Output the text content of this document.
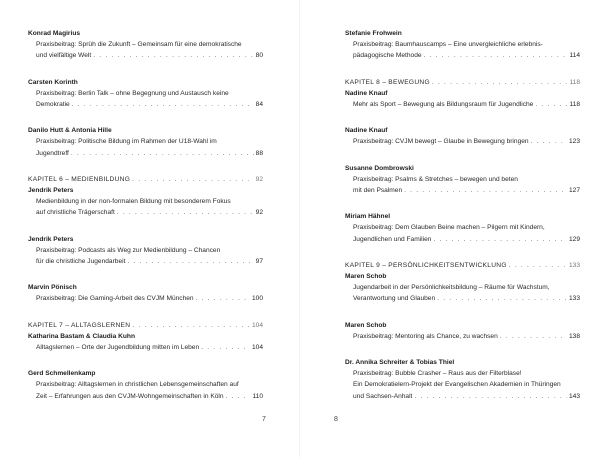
Konrad Magirius
Praxisbeitrag: Sprüh die Zukunft – Gemeinsam für eine demokratische
und vielfältige Welt . . .	80
Carsten Korinth
Praxisbeitrag: Berlin Talk – ohne Begegnung und Austausch keine
Demokratie . . .	84
Danilo Hutt & Antonia Hille
Praxisbeitrag: Politische Bildung im Rahmen der U18-Wahl im
Jugendtreff . . .	88
KAPITEL 6 – MEDIENBILDUNG . . .	92
Jendrik Peters
Medienbildung in der non-formalen Bildung mit besonderem Fokus
auf christliche Trägerschaft . . .	92
Jendrik Peters
Praxisbeitrag: Podcasts als Weg zur Medienbildung – Chancen
für die christliche Jugendarbeit . . .	97
Marvin Pönisch
Praxisbeitrag: Die Gaming-Arbeit des CVJM München . . .	100
KAPITEL 7 – ALLTAGSLERNEN . . .	104
Katharina Bastam & Claudia Kuhn
Alltagslernen – Orte der Jugendbildung mitten im Leben . . .	104
Gerd Schmellenkamp
Praxisbeitrag: Alltagslernen in christlichen Lebensgemeinschaften auf
Zeit – Erfahrungen aus den CVJM-Wohngemeinschaften in Köln . . .	110
7
Stefanie Frohwein
Praxisbeitrag: Baumhauscamps – Eine unvergleichliche erlebnis-
pädagogische Methode . . .	114
KAPITEL 8 – BEWEGUNG . . .	118
Nadine Knauf
Mehr als Sport – Bewegung als Bildungsraum für Jugendliche . . .	118
Nadine Knauf
Praxisbeitrag: CVJM bewegt – Glaube in Bewegung bringen . . .	123
Susanne Dombrowski
Praxisbeitrag: Psalms & Stretches – bewegen und beten
mit den Psalmen . . .	127
Miriam Hähnel
Praxisbeitrag: Dem Glauben Beine machen – Pilgern mit Kindern,
Jugendlichen und Familien . . .	129
KAPITEL 9 – PERSÖNLICHKEITSENTWICKLUNG . . .	133
Maren Schob
Jugendarbeit in der Persönlichkeitsbildung – Räume für Wachstum,
Verantwortung und Glauben . . .	133
Maren Schob
Praxisbeitrag: Mentoring als Chance, zu wachsen . . .	138
Dr. Annika Schreiter & Tobias Thiel
Praxisbeitrag: Bubble Crasher – Raus aus der Filterblase!
Ein Demokratielern-Projekt der Evangelischen Akademien in Thüringen
und Sachsen-Anhalt . . .	143
8
